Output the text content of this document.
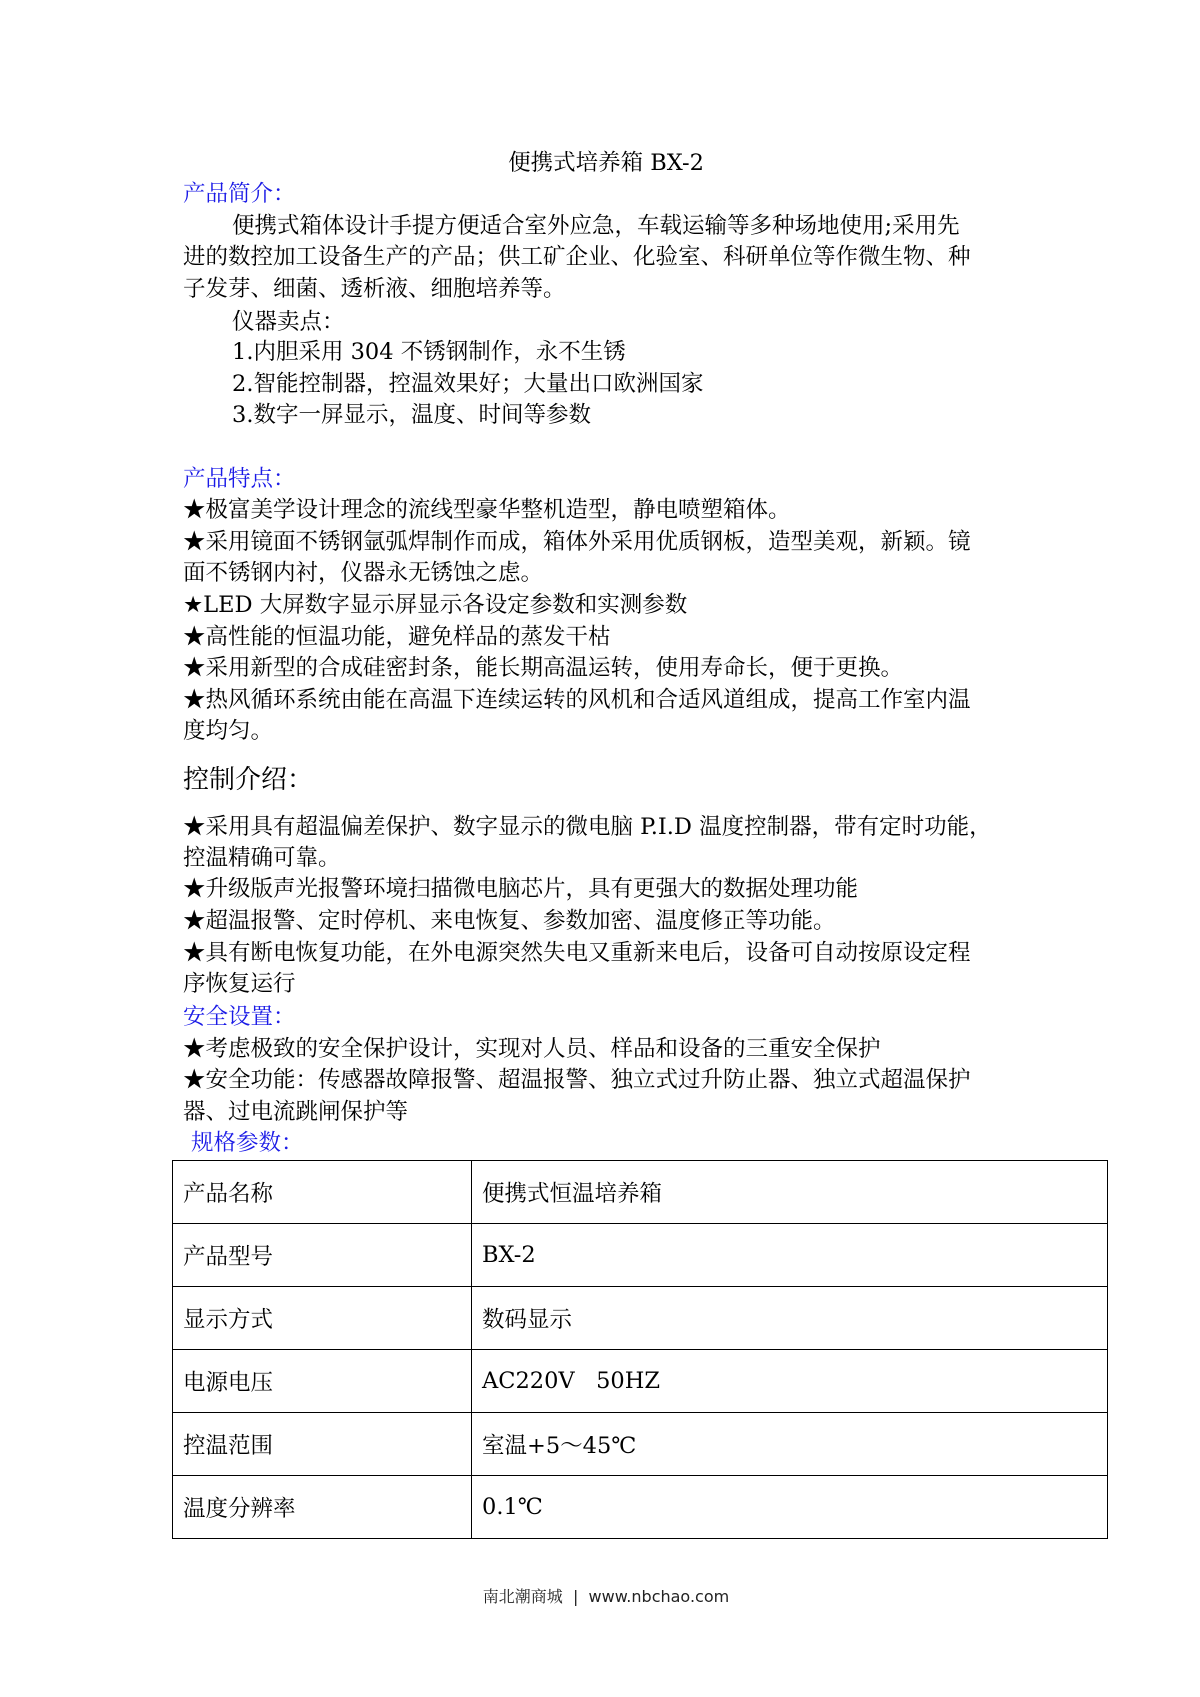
便携式培养箱 BX-2
产品简介：
便携式箱体设计手提方便适合室外应急，车载运输等多种场地使用;采用先
进的数控加工设备生产的产品；供工矿企业、化验室、科研单位等作微生物、种
子发芽、细菌、透析液、细胞培养等。
仪器卖点：
1.内胆采用 304 不锈钢制作，永不生锈
2.智能控制器，控温效果好；大量出口欧洲国家
3.数字一屏显示，温度、时间等参数
产品特点：
★极富美学设计理念的流线型豪华整机造型，静电喷塑箱体。
★采用镜面不锈钢氩弧焊制作而成，箱体外采用优质钢板，造型美观，新颖。镜
面不锈钢内衬，仪器永无锈蚀之虑。
★LED 大屏数字显示屏显示各设定参数和实测参数
★高性能的恒温功能，避免样品的蒸发干枯
★采用新型的合成硅密封条，能长期高温运转，使用寿命长，便于更换。
★热风循环系统由能在高温下连续运转的风机和合适风道组成，提高工作室内温
度均匀。
控制介绍：
★采用具有超温偏差保护、数字显示的微电脑 P.I.D 温度控制器，带有定时功能，
控温精确可靠。
★升级版声光报警环境扫描微电脑芯片，具有更强大的数据处理功能
★超温报警、定时停机、来电恢复、参数加密、温度修正等功能。
★具有断电恢复功能，在外电源突然失电又重新来电后，设备可自动按原设定程
序恢复运行
安全设置：
★考虑极致的安全保护设计，实现对人员、样品和设备的三重安全保护
★安全功能：传感器故障报警、超温报警、独立式过升防止器、独立式超温保护
器、过电流跳闸保护等
规格参数：
产品名称	便携式恒温培养箱
产品型号	BX-2
显示方式	数码显示
电源电压	AC220V   50HZ
控温范围	室温+5～45℃
温度分辨率	0.1℃
南北潮商城  |  www.nbchao.com
